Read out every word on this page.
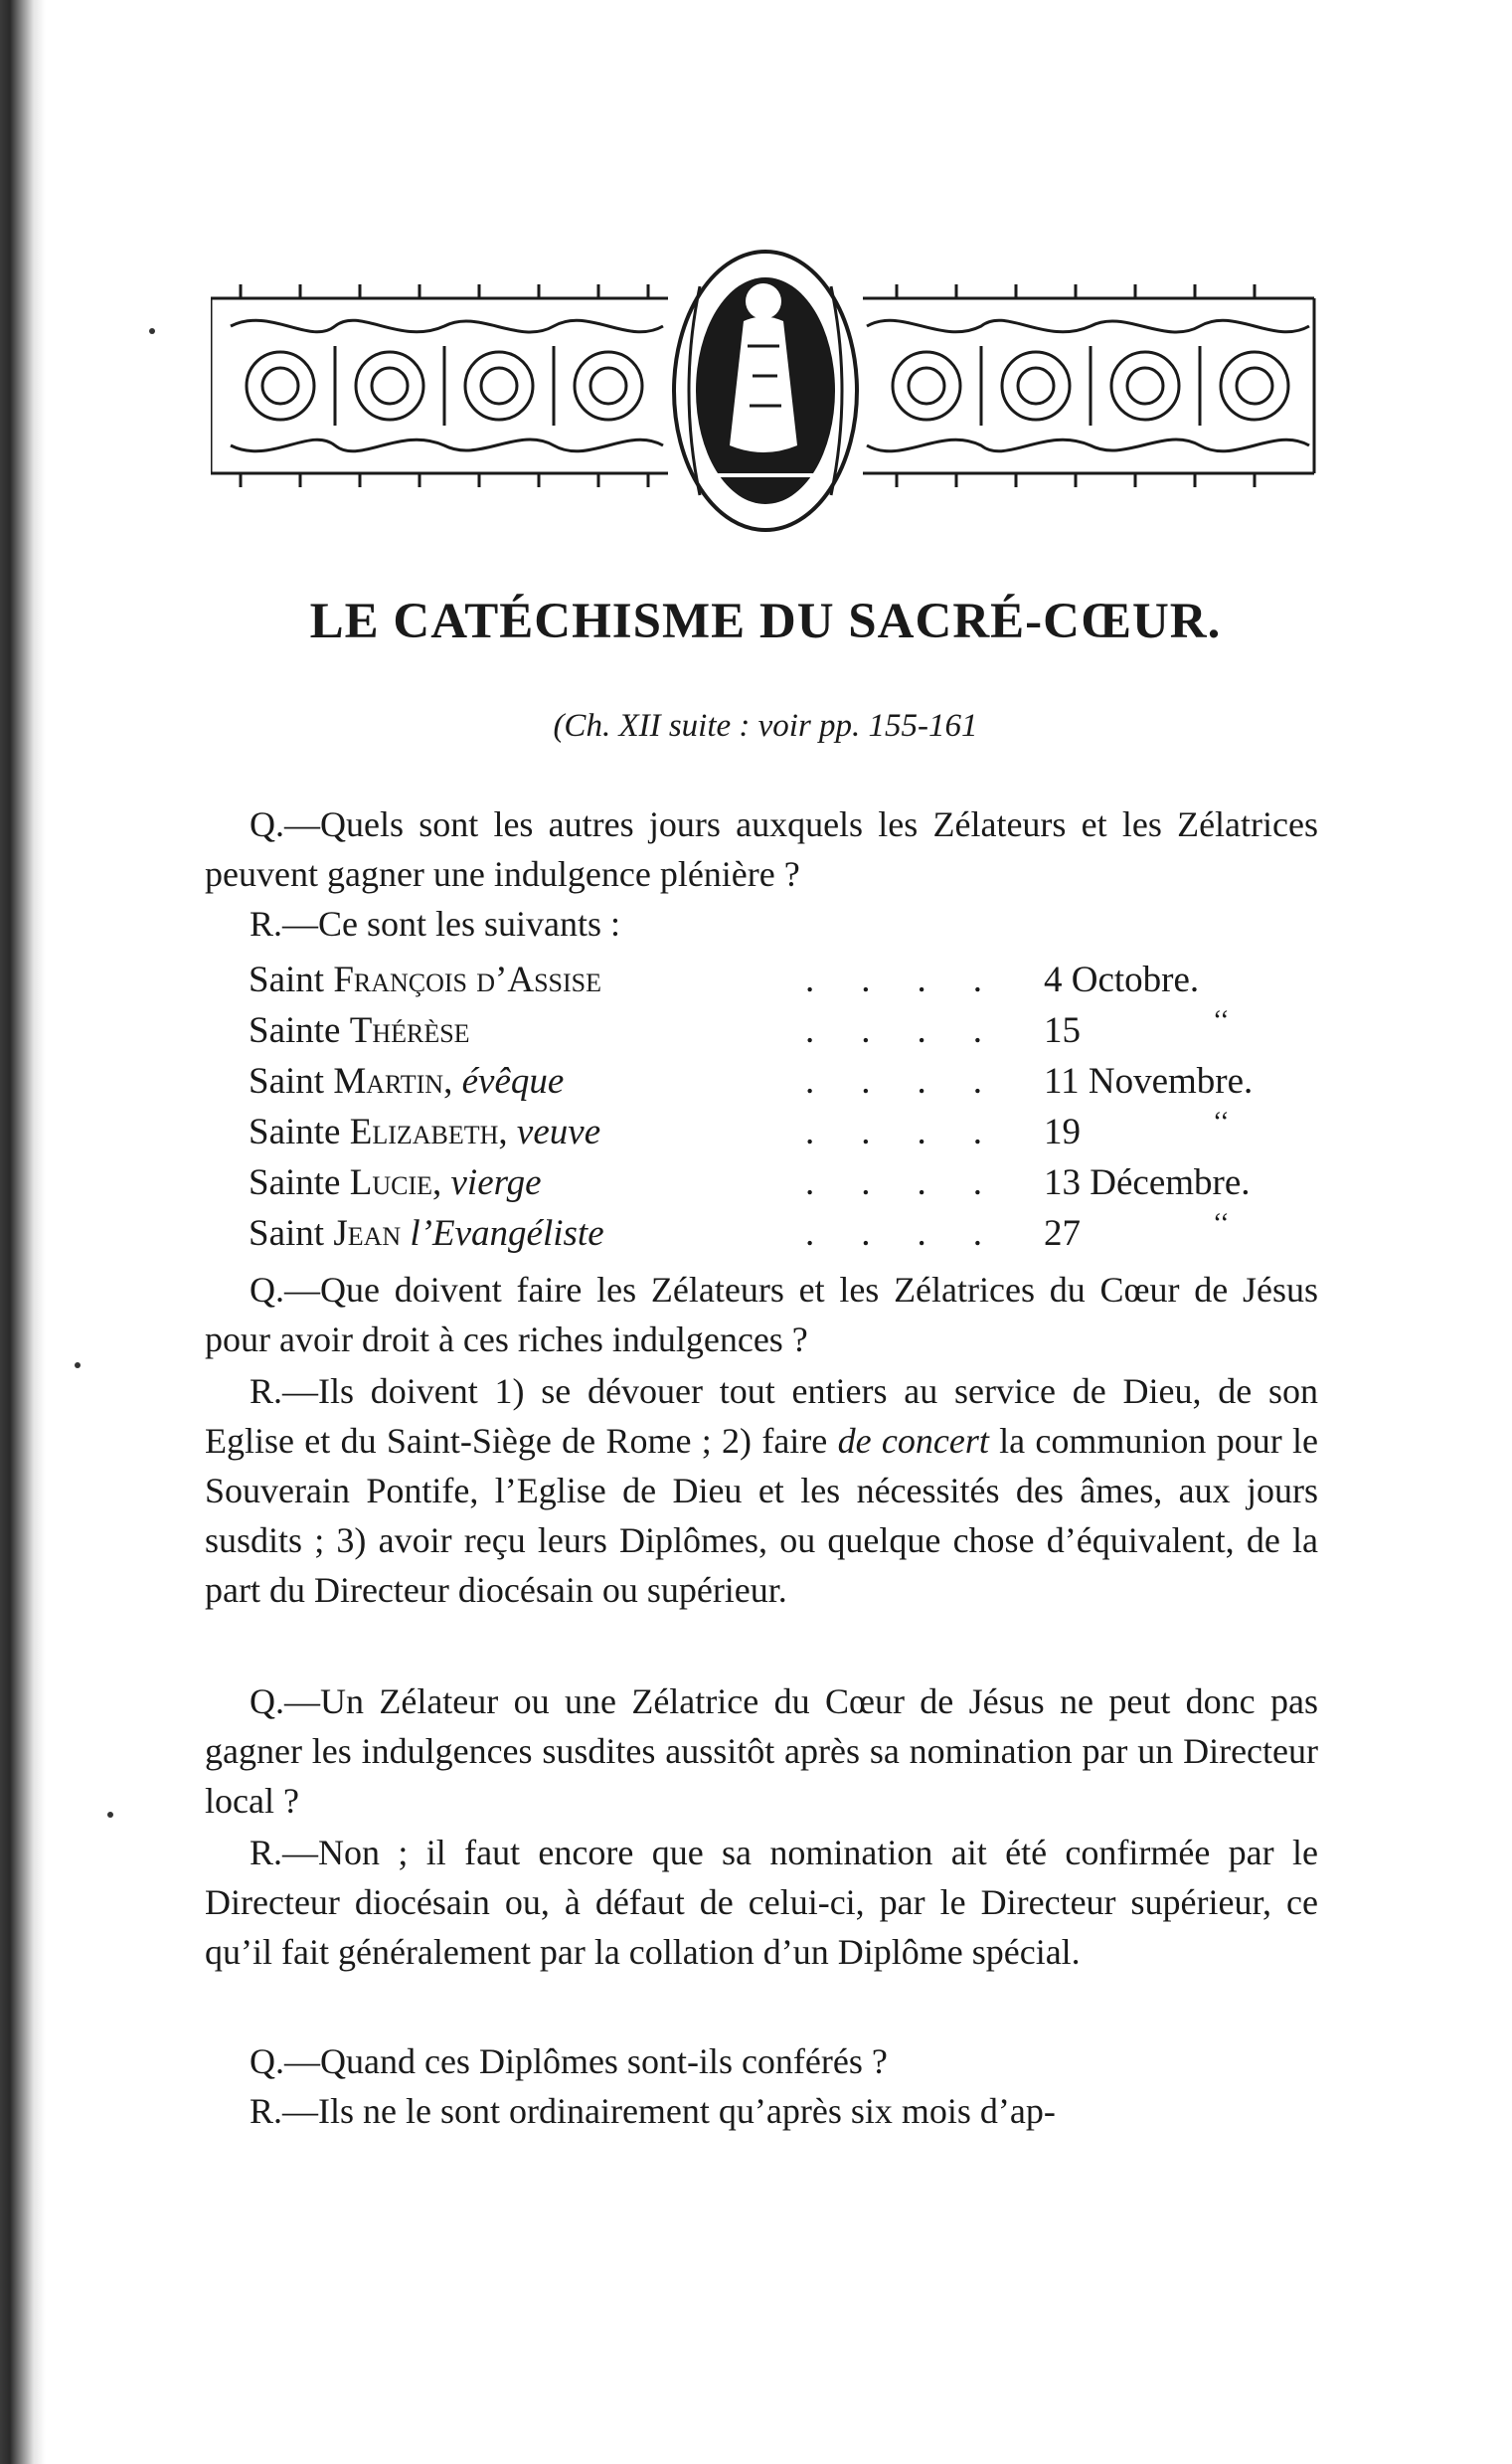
LE CATÉCHISME DU SACRÉ-CŒUR.
(Ch. XII suite : voir pp. 155-161
Q.—Quels sont les autres jours auxquels les Zélateurs et les Zélatrices peuvent gagner une indulgence plénière ?
R.—Ce sont les suivants :
Saint François d’Assise	.... 4 Octobre.
Sainte Thérèse	.... 15	‘‘
Saint Martin, évêque	.... 11 Novembre.
Sainte Elizabeth, veuve	.... 19	‘‘
Sainte Lucie, vierge	.... 13 Décembre.
Saint Jean l’Evangéliste	.... 27	‘‘
Q.—Que doivent faire les Zélateurs et les Zélatrices du Cœur de Jésus pour avoir droit à ces riches indulgences ?
R.—Ils doivent 1) se dévouer tout entiers au service de Dieu, de son Eglise et du Saint-Siège de Rome ; 2) faire de concert la communion pour le Souverain Pontife, l’Eglise de Dieu et les nécessités des âmes, aux jours susdits ; 3) avoir reçu leurs Diplômes, ou quelque chose d’équivalent, de la part du Directeur diocésain ou supérieur.
Q.—Un Zélateur ou une Zélatrice du Cœur de Jésus ne peut donc pas gagner les indulgences susdites aussitôt après sa nomination par un Directeur local ?
R.—Non ; il faut encore que sa nomination ait été confirmée par le Directeur diocésain ou, à défaut de celui-ci, par le Directeur supérieur, ce qu’il fait généralement par la collation d’un Diplôme spécial.
Q.—Quand ces Diplômes sont-ils conférés ?
R.—Ils ne le sont ordinairement qu’après six mois d’ap-
